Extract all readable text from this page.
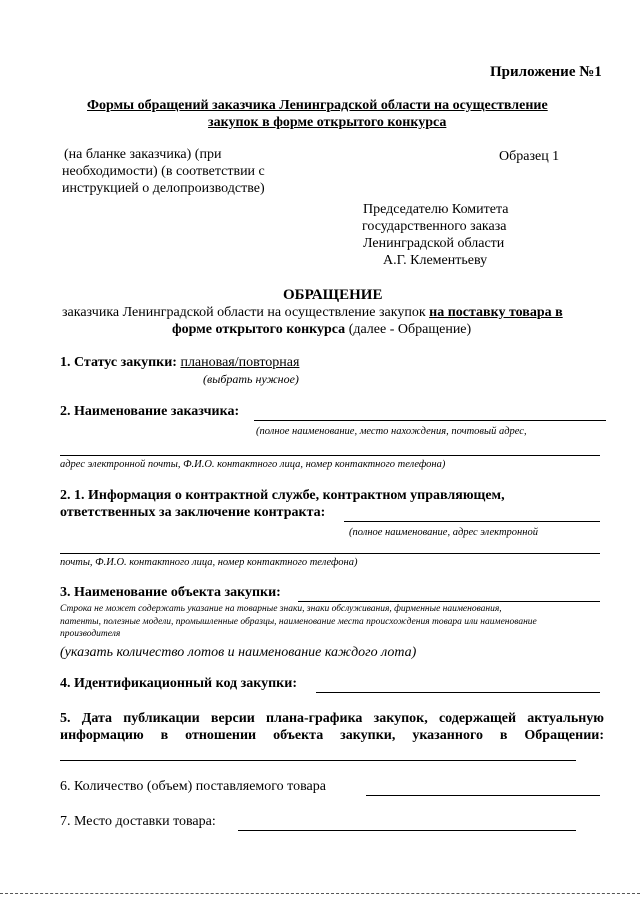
Приложение №1
Формы обращений заказчика Ленинградской области на осуществление
закупок в форме открытого конкурса
(на бланке заказчика) (при
необходимости) (в соответствии с
инструкцией о делопроизводстве)
Образец 1
Председателю Комитета
государственного заказа
Ленинградской области
А.Г. Клементьеву
ОБРАЩЕНИЕ
заказчика Ленинградской области на осуществление закупок на поставку товара в
форме открытого конкурса (далее - Обращение)
1. Статус закупки: плановая/повторная
(выбрать нужное)
2. Наименование заказчика:
(полное наименование, место нахождения, почтовый адрес,
адрес электронной почты, Ф.И.О. контактного лица, номер контактного телефона)
2. 1. Информация о контрактной службе, контрактном управляющем,
ответственных за заключение контракта:
(полное наименование, адрес электронной
почты, Ф.И.О. контактного лица, номер контактного телефона)
3. Наименование объекта закупки:
Строка не может содержать указание на товарные знаки, знаки обслуживания, фирменные наименования,
патенты, полезные модели, промышленные образцы, наименование места происхождения товара или наименование
производителя
(указать количество лотов и наименование каждого лота)
4. Идентификационный код закупки:
5. Дата публикации версии плана-графика закупок, содержащей актуальную
информацию в отношении объекта закупки, указанного в Обращении:
6. Количество (объем) поставляемого товара
7. Место доставки товара:
